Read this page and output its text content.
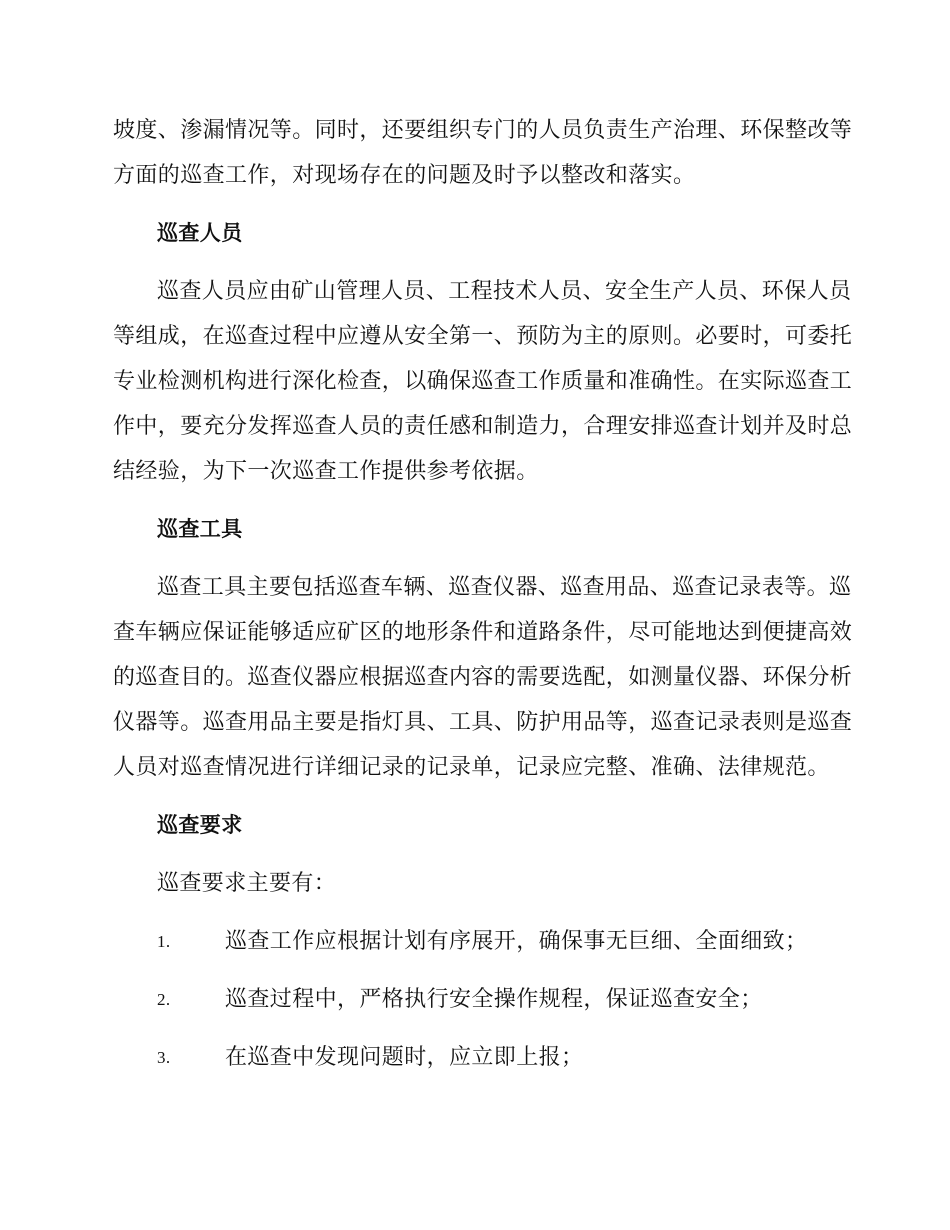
坡度、渗漏情况等。同时，还要组织专门的人员负责生产治理、环保整改等
方面的巡查工作，对现场存在的问题及时予以整改和落实。
巡查人员
巡查人员应由矿山管理人员、工程技术人员、安全生产人员、环保人员
等组成，在巡查过程中应遵从安全第一、预防为主的原则。必要时，可委托
专业检测机构进行深化检查，以确保巡查工作质量和准确性。在实际巡查工
作中，要充分发挥巡查人员的责任感和制造力，合理安排巡查计划并及时总
结经验，为下一次巡查工作提供参考依据。
巡查工具
巡查工具主要包括巡查车辆、巡查仪器、巡查用品、巡查记录表等。巡
查车辆应保证能够适应矿区的地形条件和道路条件，尽可能地达到便捷高效
的巡查目的。巡查仪器应根据巡查内容的需要选配，如测量仪器、环保分析
仪器等。巡查用品主要是指灯具、工具、防护用品等，巡查记录表则是巡查
人员对巡查情况进行详细记录的记录单，记录应完整、准确、法律规范。
巡查要求
巡查要求主要有：
1. 巡查工作应根据计划有序展开，确保事无巨细、全面细致；
2. 巡查过程中，严格执行安全操作规程，保证巡查安全；
3. 在巡查中发现问题时，应立即上报；
